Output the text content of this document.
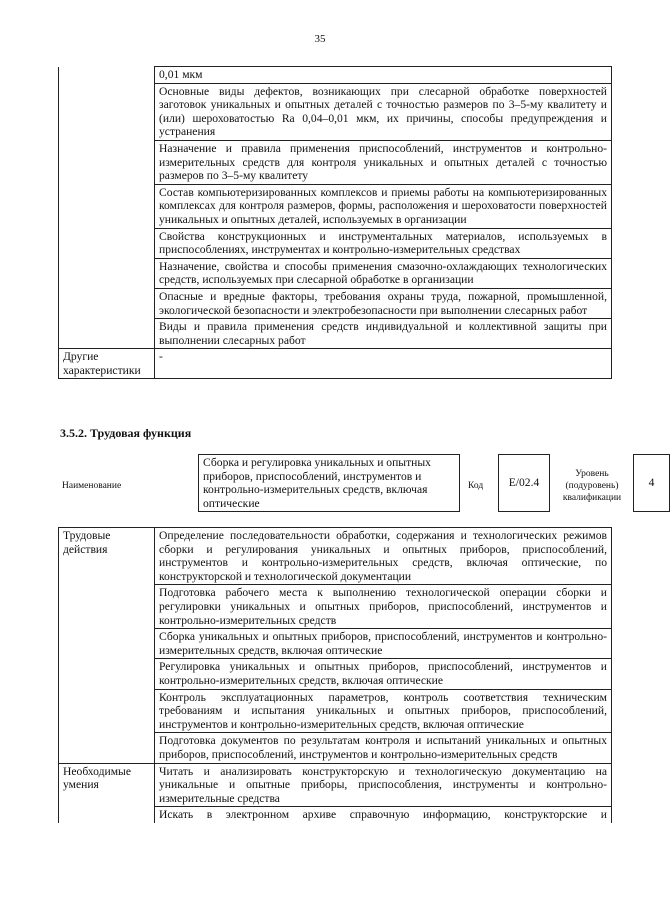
35
	0,01 мкм
	Основные виды дефектов, возникающих при слесарной обработке поверхностей заготовок уникальных и опытных деталей с точностью размеров по 3–5-му квалитету и (или) шероховатостью Ra 0,04–0,01 мкм, их причины, способы предупреждения и устранения
	Назначение и правила применения приспособлений, инструментов и контрольно-измерительных средств для контроля уникальных и опытных деталей с точностью размеров по 3–5-му квалитету
	Состав компьютеризированных комплексов и приемы работы на компьютеризированных комплексах для контроля размеров, формы, расположения и шероховатости поверхностей уникальных и опытных деталей, используемых в организации
	Свойства конструкционных и инструментальных материалов, используемых в приспособлениях, инструментах и контрольно-измерительных средствах
	Назначение, свойства и способы применения смазочно-охлаждающих технологических средств, используемых при слесарной обработке в организации
	Опасные и вредные факторы, требования охраны труда, пожарной, промышленной, экологической безопасности и электробезопасности при выполнении слесарных работ
	Виды и правила применения средств индивидуальной и коллективной защиты при выполнении слесарных работ
Другие характеристики	-
3.5.2. Трудовая функция
Наименование
Сборка и регулировка уникальных и опытных приборов, приспособлений, инструментов и контрольно-измерительных средств, включая оптические
Код	E/02.4
Уровень (подуровень) квалификации
4
Трудовые действия	Определение последовательности обработки, содержания и технологических режимов сборки и регулирования уникальных и опытных приборов, приспособлений, инструментов и контрольно-измерительных средств, включая оптические, по конструкторской и технологической документации
	Подготовка рабочего места к выполнению технологической операции сборки и регулировки уникальных и опытных приборов, приспособлений, инструментов и контрольно-измерительных средств
	Сборка уникальных и опытных приборов, приспособлений, инструментов и контрольно-измерительных средств, включая оптические
	Регулировка уникальных и опытных приборов, приспособлений, инструментов и контрольно-измерительных средств, включая оптические
	Контроль эксплуатационных параметров, контроль соответствия техническим требованиям и испытания уникальных и опытных приборов, приспособлений, инструментов и контрольно-измерительных средств, включая оптические
	Подготовка документов по результатам контроля и испытаний уникальных и опытных приборов, приспособлений, инструментов и контрольно-измерительных средств
Необходимые умения	Читать и анализировать конструкторскую и технологическую документацию на уникальные и опытные приборы, приспособления, инструменты и контрольно-измерительные средства
	Искать в электронном архиве справочную информацию, конструкторские и
